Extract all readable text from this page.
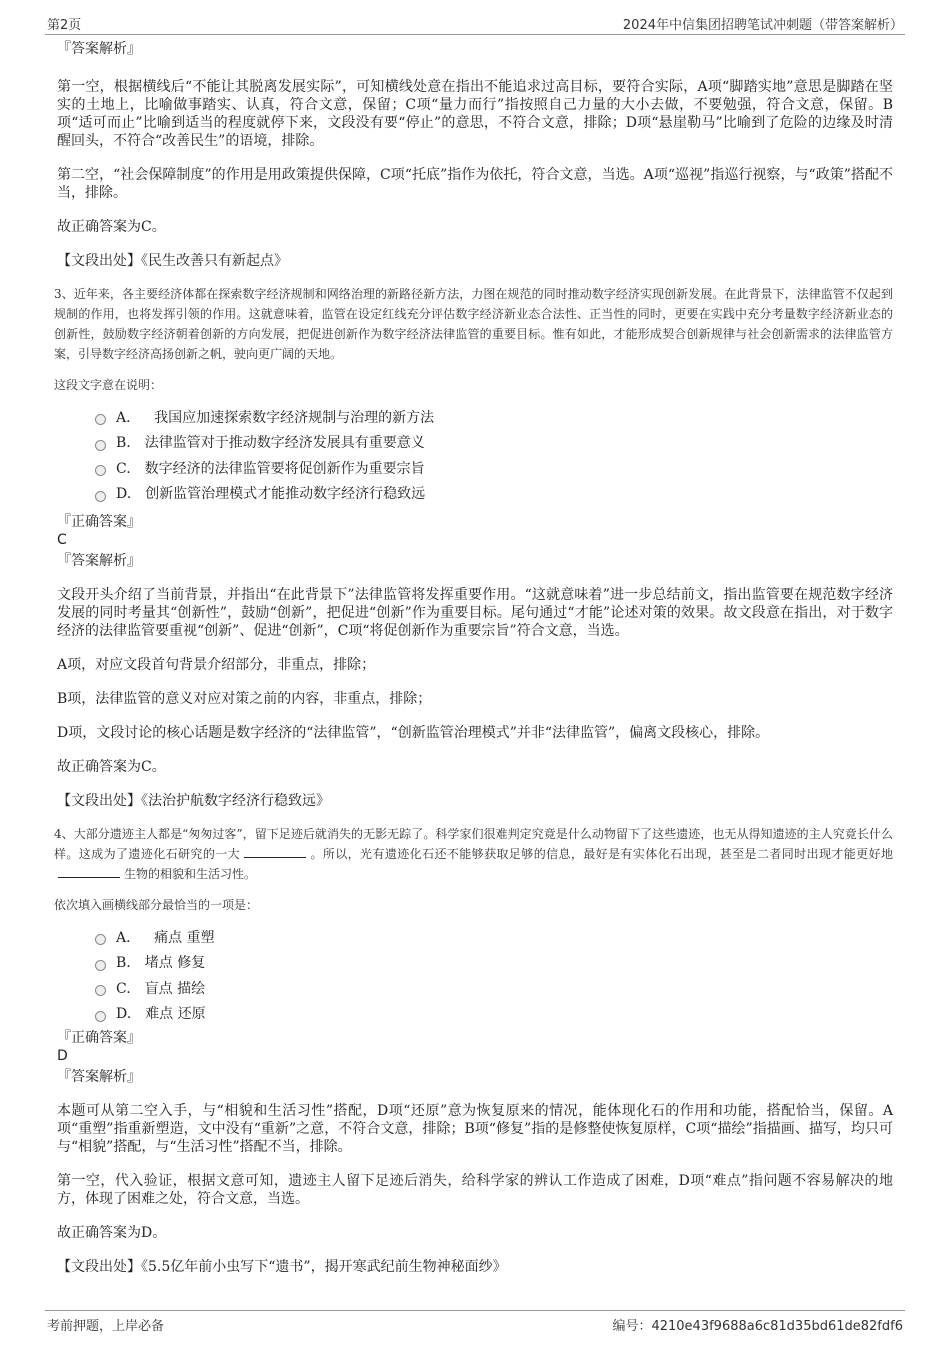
第2页	2024年中信集团招聘笔试冲刺题（带答案解析）
『答案解析』

第一空，根据横线后“不能让其脱离发展实际”，可知横线处意在指出不能追求过高目标，要符合实际，A项“脚踏实地”意思是脚踏在坚实的土地上，比喻做事踏实、认真，符合文意，保留；C项“量力而行”指按照自己力量的大小去做，不要勉强，符合文意，保留。B项“适可而止”比喻到适当的程度就停下来，文段没有要“停止”的意思，不符合文意，排除；D项“悬崖勒马”比喻到了危险的边缘及时清醒回头，不符合“改善民生”的语境，排除。

第二空，“社会保障制度”的作用是用政策提供保障，C项“托底”指作为依托，符合文意，当选。A项“巡视”指巡行视察，与“政策”搭配不当，排除。

故正确答案为C。

【文段出处】《民生改善只有新起点》

3、近年来，各主要经济体都在探索数字经济规制和网络治理的新路径新方法，力图在规范的同时推动数字经济实现创新发展。在此背景下，法律监管不仅起到规制的作用，也将发挥引领的作用。这就意味着，监管在设定红线充分评估数字经济新业态合法性、正当性的同时，更要在实践中充分考量数字经济新业态的创新性，鼓励数字经济朝着创新的方向发展，把促进创新作为数字经济法律监管的重要目标。惟有如此，才能形成契合创新规律与社会创新需求的法律监管方案，引导数字经济高扬创新之帆，驶向更广阔的天地。

这段文字意在说明：

A． 我国应加速探索数字经济规制与治理的新方法
B. 法律监管对于推动数字经济发展具有重要意义
C. 数字经济的法律监管要将促创新作为重要宗旨
D. 创新监管治理模式才能推动数字经济行稳致远
『正确答案』
C
『答案解析』

文段开头介绍了当前背景，并指出“在此背景下”法律监管将发挥重要作用。“这就意味着”进一步总结前文，指出监管要在规范数字经济发展的同时考量其“创新性”，鼓励“创新”，把促进“创新”作为重要目标。尾句通过“才能”论述对策的效果。故文段意在指出，对于数字经济的法律监管要重视“创新”、促进“创新”，C项“将促创新作为重要宗旨”符合文意，当选。

A项，对应文段首句背景介绍部分，非重点，排除；

B项，法律监管的意义对应对策之前的内容，非重点，排除；

D项，文段讨论的核心话题是数字经济的“法律监管”，“创新监管治理模式”并非“法律监管”，偏离文段核心，排除。

故正确答案为C。

【文段出处】《法治护航数字经济行稳致远》

4、大部分遗迹主人都是“匆匆过客”，留下足迹后就消失的无影无踪了。科学家们很难判定究竟是什么动物留下了这些遗迹，也无从得知遗迹的主人究竟长什么样。这成为了遗迹化石研究的一大	。所以，光有遗迹化石还不能够获取足够的信息，最好是有实体化石出现，甚至是二者同时出现才能更好地生物的相貌和生活习性。

依次填入画横线部分最恰当的一项是：

A． 痛点 重塑
B. 堵点 修复
C. 盲点 描绘
D. 难点 还原
『正确答案』
D
『答案解析』

本题可从第二空入手，与“相貌和生活习性”搭配，D项“还原”意为恢复原来的情况，能体现化石的作用和功能，搭配恰当，保留。A项“重塑”指重新塑造，文中没有“重新”之意，不符合文意，排除；B项“修复”指的是修整使恢复原样，C项“描绘”指描画、描写，均只可与“相貌”搭配，与“生活习性”搭配不当，排除。

第一空，代入验证，根据文意可知，遗迹主人留下足迹后消失，给科学家的辨认工作造成了困难，D项“难点”指问题不容易解决的地方，体现了困难之处，符合文意，当选。

故正确答案为D。

【文段出处】《5.5亿年前小虫写下“遗书”，揭开寒武纪前生物神秘面纱》

考前押题，上岸必备	编号：4210e43f9688a6c81d35bd61de82fdf6
